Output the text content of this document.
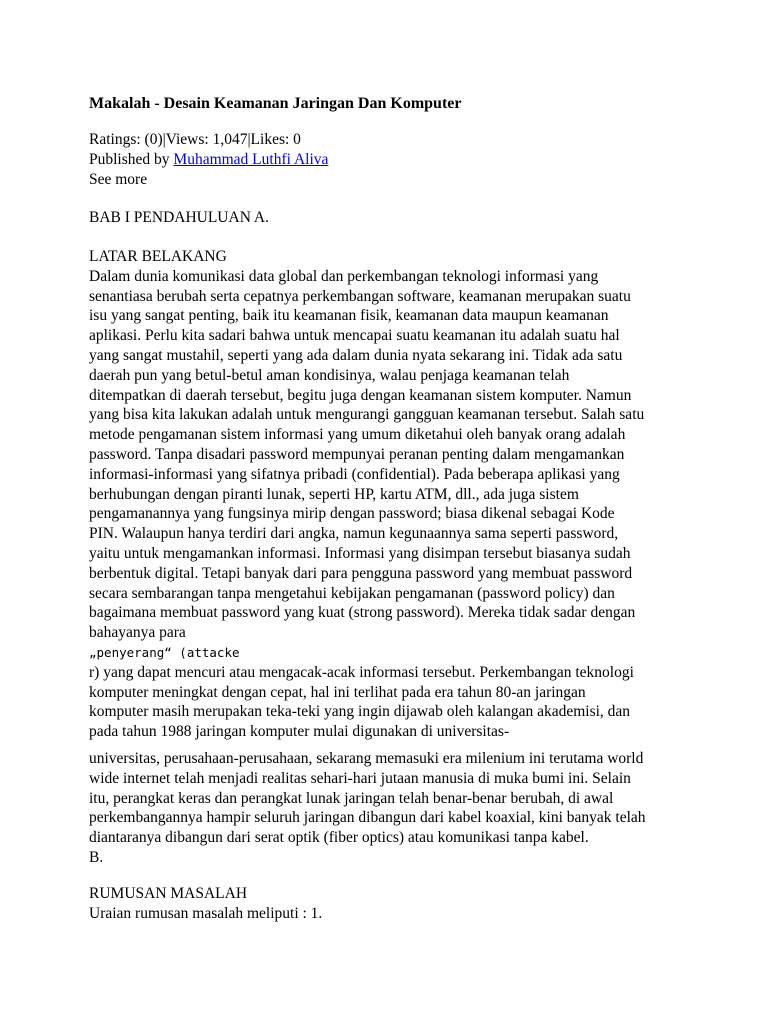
Makalah - Desain Keamanan Jaringan Dan Komputer
Ratings: (0)|Views: 1,047|Likes: 0
Published by Muhammad Luthfi Aliva
See more
BAB I PENDAHULUAN A.
LATAR BELAKANG
Dalam dunia komunikasi data global dan perkembangan teknologi informasi yang
senantiasa berubah serta cepatnya perkembangan software, keamanan merupakan suatu
isu yang sangat penting, baik itu keamanan fisik, keamanan data maupun keamanan
aplikasi. Perlu kita sadari bahwa untuk mencapai suatu keamanan itu adalah suatu hal
yang sangat mustahil, seperti yang ada dalam dunia nyata sekarang ini. Tidak ada satu
daerah pun yang betul-betul aman kondisinya, walau penjaga keamanan telah
ditempatkan di daerah tersebut, begitu juga dengan keamanan sistem komputer. Namun
yang bisa kita lakukan adalah untuk mengurangi gangguan keamanan tersebut. Salah satu
metode pengamanan sistem informasi yang umum diketahui oleh banyak orang adalah
password. Tanpa disadari password mempunyai peranan penting dalam mengamankan
informasi-informasi yang sifatnya pribadi (confidential). Pada beberapa aplikasi yang
berhubungan dengan piranti lunak, seperti HP, kartu ATM, dll., ada juga sistem
pengamanannya yang fungsinya mirip dengan password; biasa dikenal sebagai Kode
PIN. Walaupun hanya terdiri dari angka, namun kegunaannya sama seperti password,
yaitu untuk mengamankan informasi. Informasi yang disimpan tersebut biasanya sudah
berbentuk digital. Tetapi banyak dari para pengguna password yang membuat password
secara sembarangan tanpa mengetahui kebijakan pengamanan (password policy) dan
bagaimana membuat password yang kuat (strong password). Mereka tidak sadar dengan
bahayanya para
„penyerang“ (attacke
r) yang dapat mencuri atau mengacak-acak informasi tersebut. Perkembangan teknologi
komputer meningkat dengan cepat, hal ini terlihat pada era tahun 80-an jaringan
komputer masih merupakan teka-teki yang ingin dijawab oleh kalangan akademisi, dan
pada tahun 1988 jaringan komputer mulai digunakan di universitas-
universitas, perusahaan-perusahaan, sekarang memasuki era milenium ini terutama world
wide internet telah menjadi realitas sehari-hari jutaan manusia di muka bumi ini. Selain
itu, perangkat keras dan perangkat lunak jaringan telah benar-benar berubah, di awal
perkembangannya hampir seluruh jaringan dibangun dari kabel koaxial, kini banyak telah
diantaranya dibangun dari serat optik (fiber optics) atau komunikasi tanpa kabel.
B.
RUMUSAN MASALAH
Uraian rumusan masalah meliputi : 1.
